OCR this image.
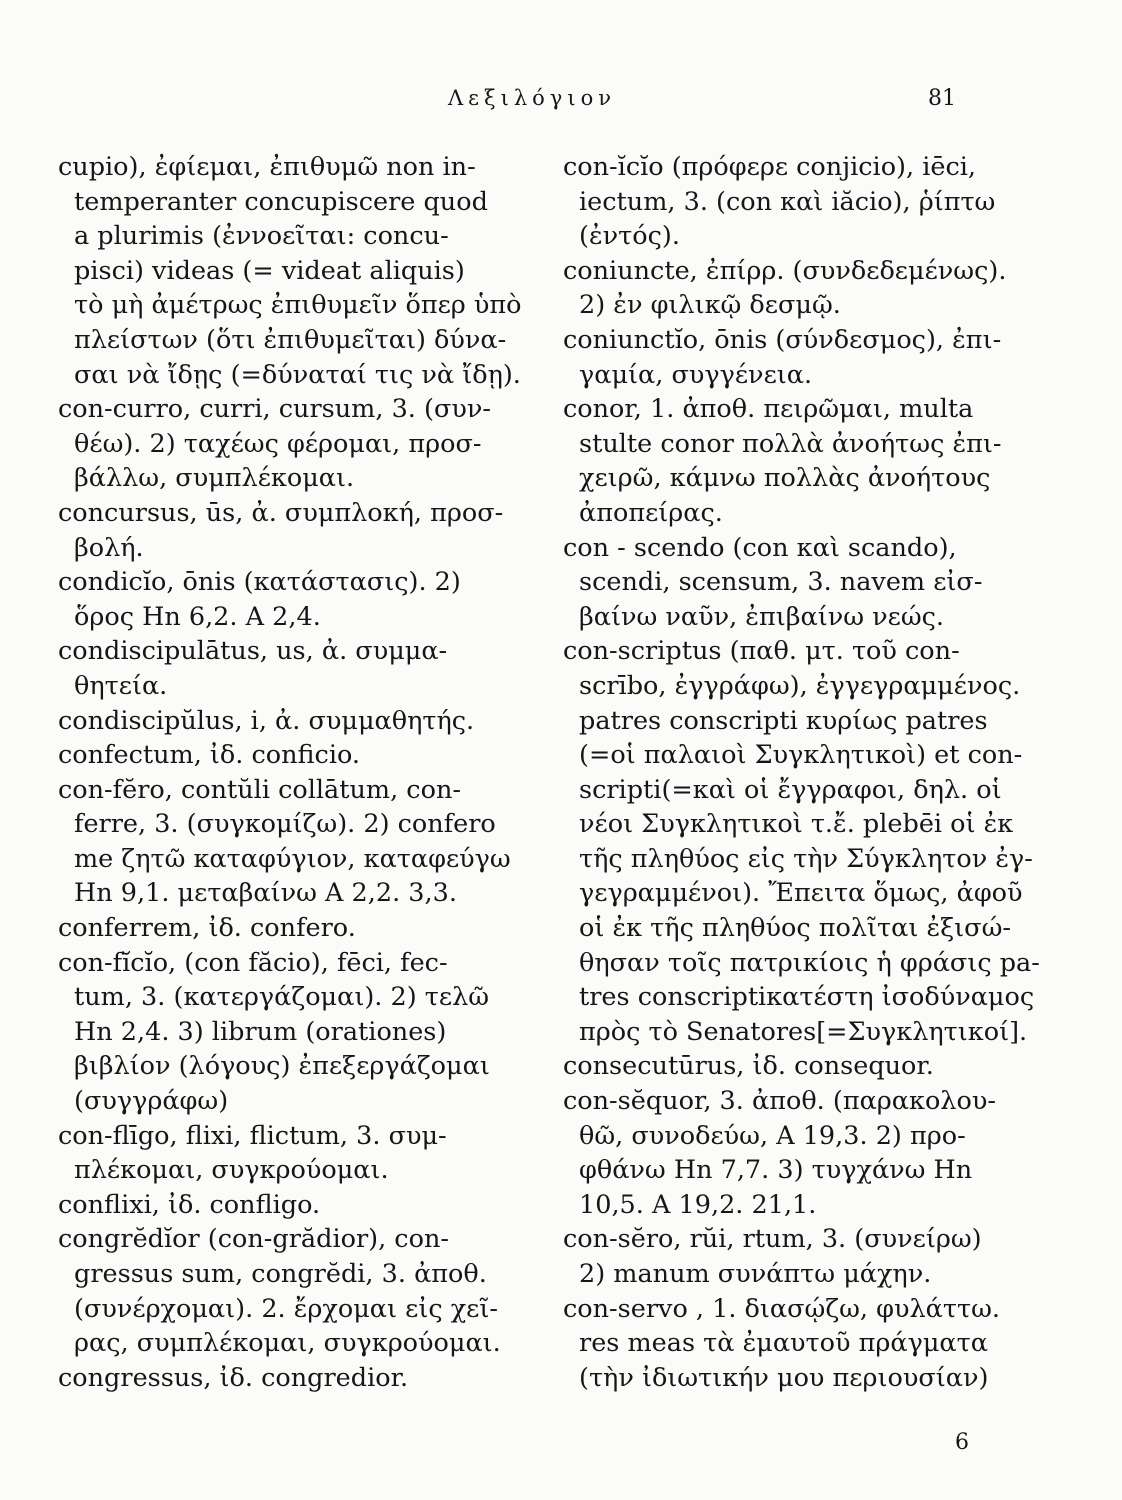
Λεξιλόγιον	81
cupio), ἐφίεμαι, ἐπιθυμῶ non in-
temperanter concupiscere quod
a plurimis (ἐννοεῖται: concu-
pisci) videas (= videat aliquis)
τὸ μὴ ἀμέτρως ἐπιθυμεῖν ὅπερ ὑπὸ
πλείστων (ὅτι ἐπιθυμεῖται) δύνα-
σαι νὰ ἴδῃς (=δύναταί τις νὰ ἴδῃ).
con-curro, curri, cursum, 3. (συν-
θέω). 2) ταχέως φέρομαι, προσ-
βάλλω, συμπλέκομαι.
concursus, ūs, ἀ. συμπλοκή, προσ-
βολή.
condicĭo, ōnis (κατάστασις). 2)
ὅρος Hn 6,2. A 2,4.
condiscipulātus, us, ἀ. συμμα-
θητεία.
condiscipŭlus, i, ἀ. συμμαθητής.
confectum, ἰδ. conficio.
con-fĕro, contŭli collātum, con-
ferre, 3. (συγκομίζω). 2) confero
me ζητῶ καταφύγιον, καταφεύγω
Hn 9,1. μεταβαίνω A 2,2. 3,3.
conferrem, ἰδ. confero.
con-fĭcĭo, (con făcio), fēci, fec-
tum, 3. (κατεργάζομαι). 2) τελῶ
Hn 2,4. 3) librum (orationes)
βιβλίον (λόγους) ἐπεξεργάζομαι
(συγγράφω)
con-flīgo, flixi, flictum, 3. συμ-
πλέκομαι, συγκρούομαι.
conflixi, ἰδ. confligo.
congrĕdĭor (con-grădior), con-
gressus sum, congrĕdi, 3. ἀποθ.
(συνέρχομαι). 2. ἔρχομαι εἰς χεῖ-
ρας, συμπλέκομαι, συγκρούομαι.
congressus, ἰδ. congredior.
con-ĭcĭo (πρόφερε conjicio), iēci,
iectum, 3. (con καὶ iăcio), ῥίπτω
(ἐντός).
coniuncte, ἐπίρρ. (συνδεδεμένως).
2) ἐν φιλικῷ δεσμῷ.
coniunctĭo, ōnis (σύνδεσμος), ἐπι-
γαμία, συγγένεια.
conor, 1. ἀποθ. πειρῶμαι, multa
stulte conor πολλὰ ἀνοήτως ἐπι-
χειρῶ, κάμνω πολλὰς ἀνοήτους
ἀποπείρας.
con - scendo (con καὶ scando),
scendi, scensum, 3. navem εἰσ-
βαίνω ναῦν, ἐπιβαίνω νεώς.
con-scriptus (παθ. μτ. τοῦ con-
scrībo, ἐγγράφω), ἐγγεγραμμένος.
patres conscripti κυρίως patres
(=οἱ παλαιοὶ Συγκλητικοὶ) et con-
scripti(=καὶ οἱ ἔγγραφοι, δηλ. οἱ
νέοι Συγκλητικοὶ τ.ἔ. plebēi οἱ ἐκ
τῆς πληθύος εἰς τὴν Σύγκλητον ἐγ-
γεγραμμένοι). Ἔπειτα ὅμως, ἀφοῦ
οἱ ἐκ τῆς πληθύος πολῖται ἐξισώ-
θησαν τοῖς πατρικίοις ἡ φράσις pa-
tres conscriptiκατέστη ἰσοδύναμος
πρὸς τὸ Senatores[=Συγκλητικοί].
consecutūrus, ἰδ. consequor.
con-sĕquor, 3. ἀποθ. (παρακολου-
θῶ, συνοδεύω, A 19,3. 2) προ-
φθάνω Hn 7,7. 3) τυγχάνω Hn
10,5. A 19,2. 21,1.
con-sĕro, rŭi, rtum, 3. (συνείρω)
2) manum συνάπτω μάχην.
con-servo , 1. διασῴζω, φυλάττω.
res meas τὰ ἐμαυτοῦ πράγματα
(τὴν ἰδιωτικήν μου περιουσίαν)
6
